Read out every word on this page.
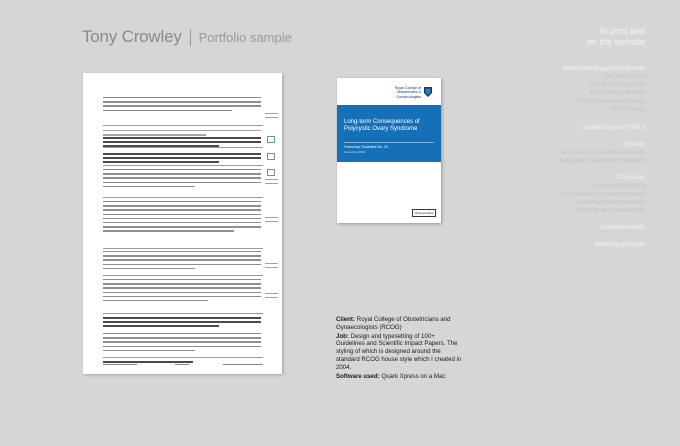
Tony Crowley Portfolio sample
Royal College of
Obstetricians &
Gynaecologists
Long-term Consequences of Polycystic Ovary Syndrome
Green-top Guideline No. 33
November 2014
NICE accredited

Client: Royal College of Obstetricians and Gynaecologists (RCOG)

Job: Design and typesetting of 100+ Guidelines and Scientific Impact Papers. The styling of which is designed around the standard RCOG house style which I created in 2004.

Software used: Quark Xpress on a Mac

In print and
on the website
Newsletter/Magazines/Books
The Biochemist
The Brand Magazine
Microbiology Matters
RCOG International News
RCOG News
Leaflets/Flyers/HTMLs
Posters
Up to A0, custom and A0 Decals
Pull-up and stand-alone banners
Corporate
Corporate branding
Corporate document templates
Letterhead and stationery
Signage and Tradeshows
Advertisements
Wedding package
